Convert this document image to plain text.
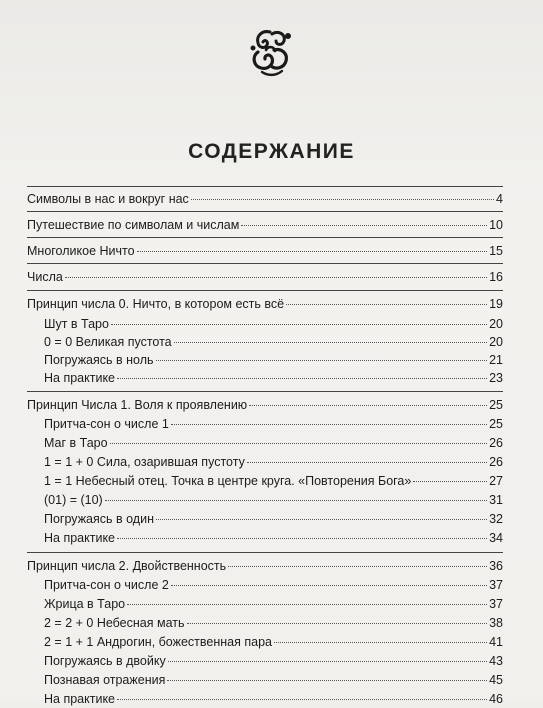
СОДЕРЖАНИЕ
Символы в нас и вокруг нас	4
Путешествие по символам и числам	10
Многоликое Ничто	15
Числа	16
Принцип числа 0. Ничто, в котором есть всё	19
Шут в Таро	20
0 = 0 Великая пустота	20
Погружаясь в ноль	21
На практике	23
Принцип Числа 1. Воля к проявлению	25
Притча-сон о числе 1	25
Маг в Таро	26
1 = 1 + 0 Сила, озарившая пустоту	26
1 = 1 Небесный отец. Точка в центре круга. «Повторения Бога»	27
(01) = (10)	31
Погружаясь в один	32
На практике	34
Принцип числа 2. Двойственность	36
Притча-сон о числе 2	37
Жрица в Таро	37
2 = 2 + 0 Небесная мать	38
2 = 1 + 1 Андрогин, божественная пара	41
Погружаясь в двойку	43
Познавая отражения	45
На практике	46
